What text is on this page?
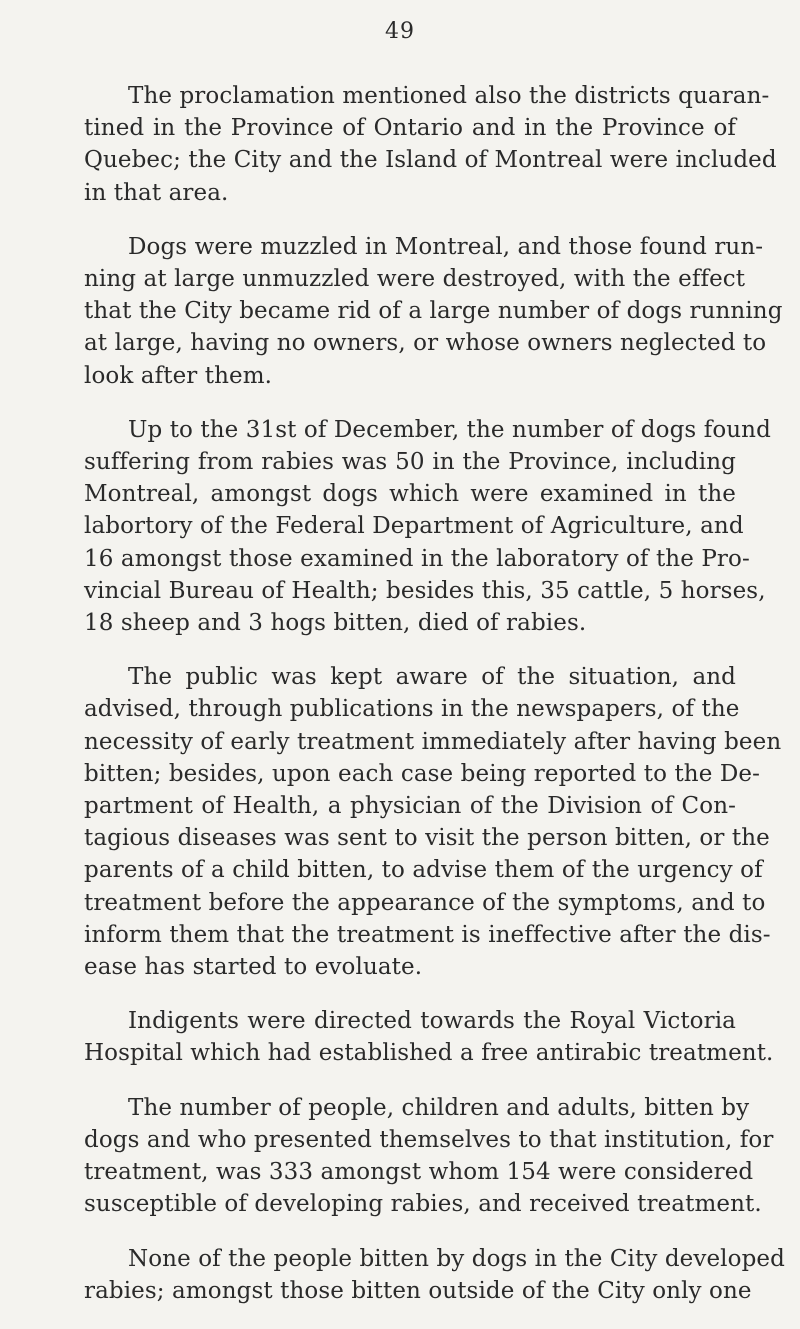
49

The proclamation mentioned also the districts quaran-
tined in the Province of Ontario and in the Province of
Quebec; the City and the Island of Montreal were included
in that area.

Dogs were muzzled in Montreal, and those found run-
ning at large unmuzzled were destroyed, with the effect
that the City became rid of a large number of dogs running
at large, having no owners, or whose owners neglected to
look after them.

Up to the 31st of December, the number of dogs found
suffering from rabies was 50 in the Province, including
Montreal, amongst dogs which were examined in the
labortory of the Federal Department of Agriculture, and
16 amongst those examined in the laboratory of the Pro-
vincial Bureau of Health; besides this, 35 cattle, 5 horses,
18 sheep and 3 hogs bitten, died of rabies.

The public was kept aware of the situation, and
advised, through publications in the newspapers, of the
necessity of early treatment immediately after having been
bitten; besides, upon each case being reported to the De-
partment of Health, a physician of the Division of Con-
tagious diseases was sent to visit the person bitten, or the
parents of a child bitten, to advise them of the urgency of
treatment before the appearance of the symptoms, and to
inform them that the treatment is ineffective after the dis-
ease has started to evoluate.

Indigents were directed towards the Royal Victoria
Hospital which had established a free antirabic treatment.

The number of people, children and adults, bitten by
dogs and who presented themselves to that institution, for
treatment, was 333 amongst whom 154 were considered
susceptible of developing rabies, and received treatment.

None of the people bitten by dogs in the City developed
rabies; amongst those bitten outside of the City only one
